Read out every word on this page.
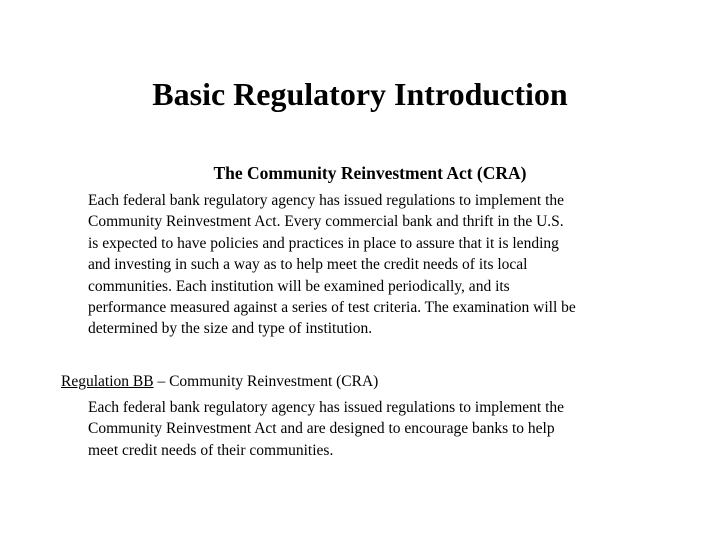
Basic Regulatory Introduction
The Community Reinvestment Act (CRA)

Each federal bank regulatory agency has issued regulations to implement the
Community Reinvestment Act. Every commercial bank and thrift in the U.S.
is expected to have policies and practices in place to assure that it is lending
and investing in such a way as to help meet the credit needs of its local
communities. Each institution will be examined periodically, and its
performance measured against a series of test criteria. The examination will be
determined by the size and type of institution.

Regulation BB – Community Reinvestment (CRA)

Each federal bank regulatory agency has issued regulations to implement the
Community Reinvestment Act and are designed to encourage banks to help
meet credit needs of their communities.
